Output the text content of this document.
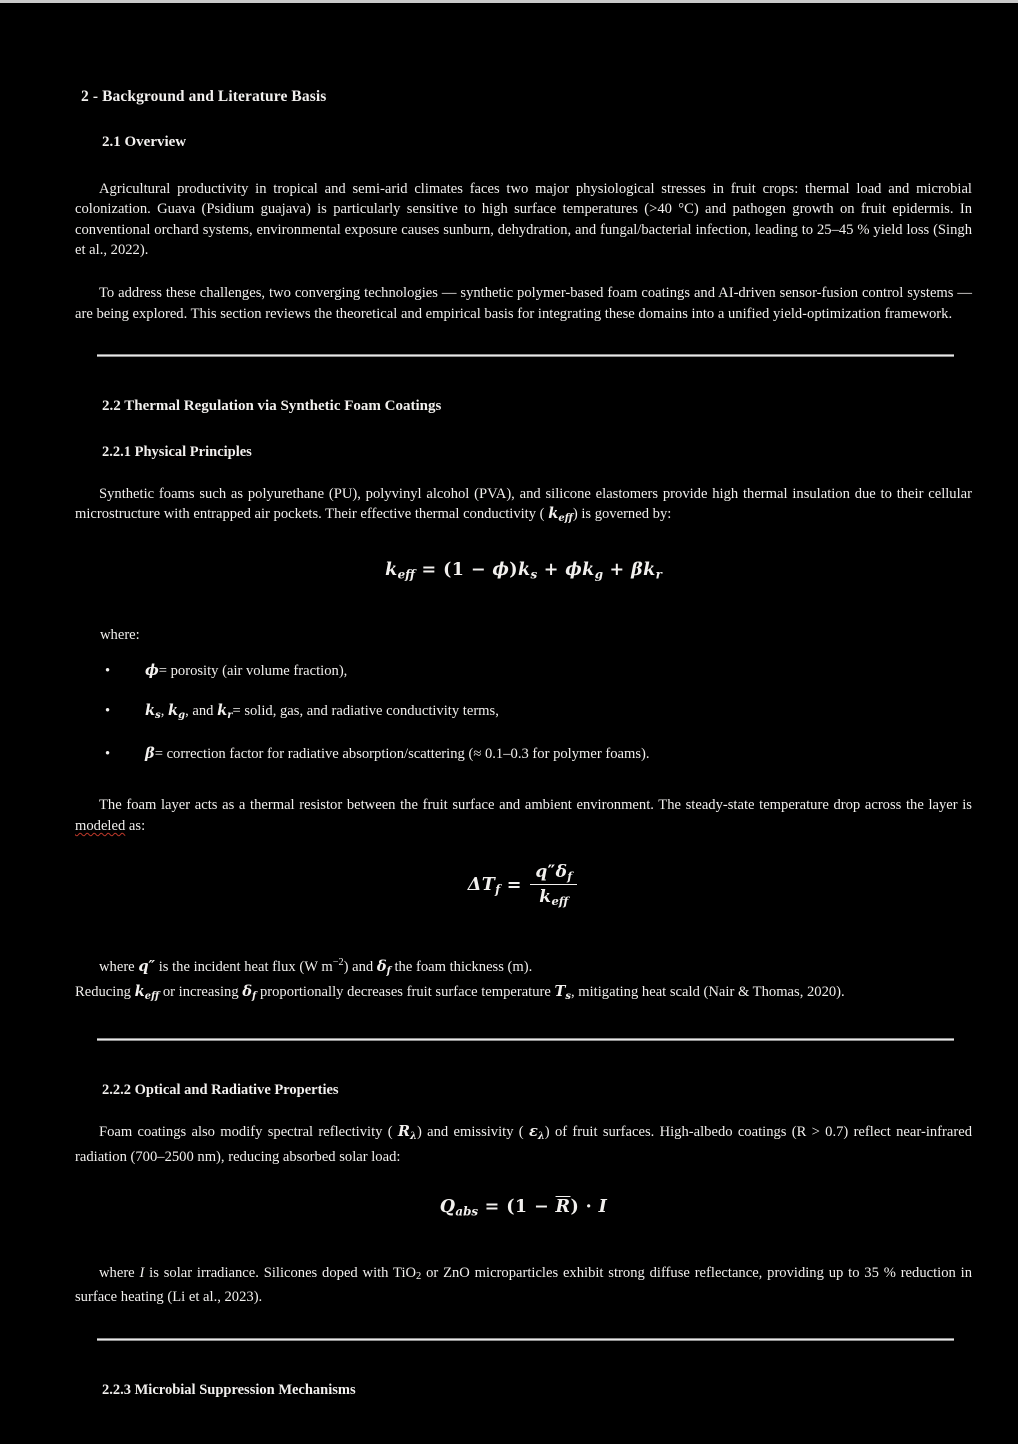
2 - Background and Literature Basis
2.1 Overview

Agricultural productivity in tropical and semi-arid climates faces two major physiological stresses in fruit crops: thermal load and microbial colonization. Guava (Psidium guajava) is particularly sensitive to high surface temperatures (>40 °C) and pathogen growth on fruit epidermis. In conventional orchard systems, environmental exposure causes sunburn, dehydration, and fungal/bacterial infection, leading to 25–45 % yield loss (Singh et al., 2022).

To address these challenges, two converging technologies — synthetic polymer-based foam coatings and AI-driven sensor-fusion control systems — are being explored. This section reviews the theoretical and empirical basis for integrating these domains into a unified yield-optimization framework.

2.2 Thermal Regulation via Synthetic Foam Coatings
2.2.1 Physical Principles

Synthetic foams such as polyurethane (PU), polyvinyl alcohol (PVA), and silicone elastomers provide high thermal insulation due to their cellular microstructure with entrapped air pockets. Their effective thermal conductivity ( $k_{eff}$) is governed by:

$k_{eff} = (1 - \phi)k_s + \phi k_g + \beta k_r$

where:

• ϕ= porosity (air volume fraction),
• $k_s$, $k_g$, and $k_r=$ solid, gas, and radiative conductivity terms,
• β= correction factor for radiative absorption/scattering (≈ 0.1–0.3 for polymer foams).

The foam layer acts as a thermal resistor between the fruit surface and ambient environment. The steady-state temperature drop across the layer is modeled as:

$\Delta T_f = \frac{q''\delta_f}{k_{eff}}$

where q″ is the incident heat flux (W $m^{-2}$) and $\delta_f$ the foam thickness (m).

Reducing $k_{eff}$ or increasing $\delta_f$ proportionally decreases fruit surface temperature $T_s$, mitigating heat scald (Nair & Thomas, 2020).

2.2.2 Optical and Radiative Properties

Foam coatings also modify spectral reflectivity ( $R_\lambda$) and emissivity ( $\varepsilon_\lambda$) of fruit surfaces. High-albedo coatings (R > 0.7) reflect near-infrared radiation (700–2500 nm), reducing absorbed solar load:

$Q_{abs} = (1 - \overline{R}) \cdot I$

where I is solar irradiance. Silicones doped with TiO$_2$ or ZnO microparticles exhibit strong diffuse reflectance, providing up to 35 % reduction in surface heating (Li et al., 2023).

2.2.3 Microbial Suppression Mechanisms
